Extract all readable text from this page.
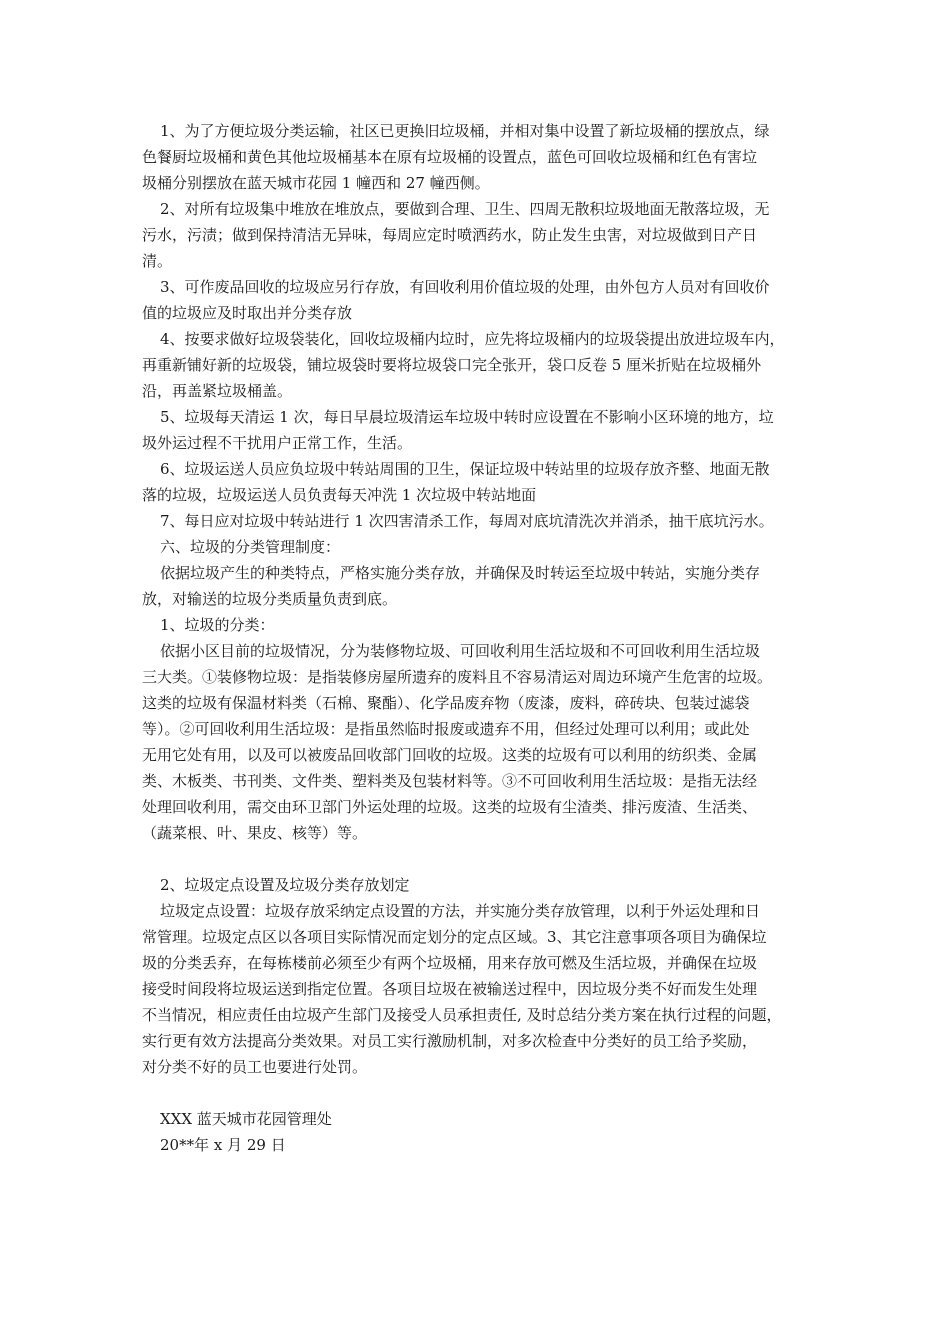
1、为了方便垃圾分类运输，社区已更换旧垃圾桶，并相对集中设置了新垃圾桶的摆放点，绿
色餐厨垃圾桶和黄色其他垃圾桶基本在原有垃圾桶的设置点，蓝色可回收垃圾桶和红色有害垃
圾桶分别摆放在蓝天城市花园 1 幢西和 27 幢西侧。
2、对所有垃圾集中堆放在堆放点，要做到合理、卫生、四周无散积垃圾地面无散落垃圾，无
污水，污渍；做到保持清洁无异味，每周应定时喷洒药水，防止发生虫害，对垃圾做到日产日
清。
3、可作废品回收的垃圾应另行存放，有回收利用价值垃圾的处理，由外包方人员对有回收价
值的垃圾应及时取出并分类存放
4、按要求做好垃圾袋装化，回收垃圾桶内垃时，应先将垃圾桶内的垃圾袋提出放进垃圾车内，
再重新铺好新的垃圾袋，铺垃圾袋时要将垃圾袋口完全张开，袋口反卷 5 厘米折贴在垃圾桶外
沿，再盖紧垃圾桶盖。
5、垃圾每天清运 1 次，每日早晨垃圾清运车垃圾中转时应设置在不影响小区环境的地方，垃
圾外运过程不干扰用户正常工作，生活。
6、垃圾运送人员应负垃圾中转站周围的卫生，保证垃圾中转站里的垃圾存放齐整、地面无散
落的垃圾，垃圾运送人员负责每天冲洗 1 次垃圾中转站地面
7、每日应对垃圾中转站进行 1 次四害清杀工作，每周对底坑清洗次并消杀，抽干底坑污水。
六、垃圾的分类管理制度：
依据垃圾产生的种类特点，严格实施分类存放，并确保及时转运至垃圾中转站，实施分类存
放，对输送的垃圾分类质量负责到底。
1、垃圾的分类：
依据小区目前的垃圾情况，分为装修物垃圾、可回收利用生活垃圾和不可回收利用生活垃圾
三大类。①装修物垃圾：是指装修房屋所遗弃的废料且不容易清运对周边环境产生危害的垃圾。
这类的垃圾有保温材料类（石棉、聚酯）、化学品废弃物（废漆，废料，碎砖块、包装过滤袋
等）。②可回收利用生活垃圾：是指虽然临时报废或遗弃不用，但经过处理可以利用；或此处
无用它处有用，以及可以被废品回收部门回收的垃圾。这类的垃圾有可以利用的纺织类、金属
类、木板类、书刊类、文件类、塑料类及包装材料等。③不可回收利用生活垃圾：是指无法经
处理回收利用，需交由环卫部门外运处理的垃圾。这类的垃圾有尘渣类、排污废渣、生活类、
（蔬菜根、叶、果皮、核等）等。
2、垃圾定点设置及垃圾分类存放划定
垃圾定点设置：垃圾存放采纳定点设置的方法，并实施分类存放管理，以利于外运处理和日
常管理。垃圾定点区以各项目实际情况而定划分的定点区域。3、其它注意事项各项目为确保垃
圾的分类丢弃，在每栋楼前必须至少有两个垃圾桶，用来存放可燃及生活垃圾，并确保在垃圾
接受时间段将垃圾运送到指定位置。各项目垃圾在被输送过程中，因垃圾分类不好而发生处理
不当情况，相应责任由垃圾产生部门及接受人员承担责任, 及时总结分类方案在执行过程的问题，
实行更有效方法提高分类效果。对员工实行激励机制，对多次检查中分类好的员工给予奖励，
对分类不好的员工也要进行处罚。
XXX 蓝天城市花园管理处
20**年 x 月 29 日
